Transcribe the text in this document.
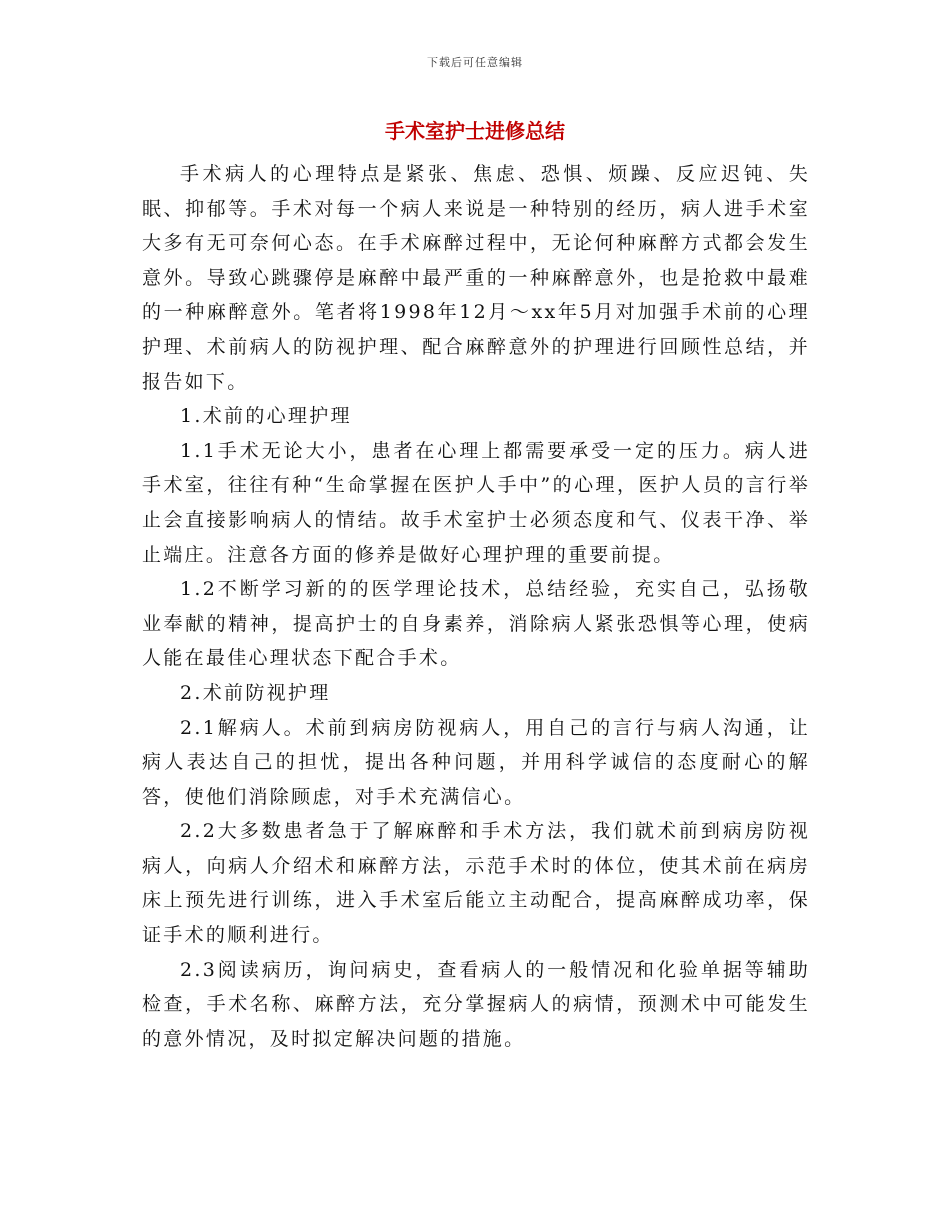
下载后可任意编辑
手术室护士进修总结

手术病人的心理特点是紧张、焦虑、恐惧、烦躁、反应迟钝、失眠、抑郁等。手术对每一个病人来说是一种特别的经历，病人进手术室大多有无可奈何心态。在手术麻醉过程中，无论何种麻醉方式都会发生意外。导致心跳骤停是麻醉中最严重的一种麻醉意外，也是抢救中最难的一种麻醉意外。笔者将1998年12月～xx年5月对加强手术前的心理护理、术前病人的防视护理、配合麻醉意外的护理进行回顾性总结，并报告如下。

1.术前的心理护理

1.1手术无论大小，患者在心理上都需要承受一定的压力。病人进手术室，往往有种“生命掌握在医护人手中”的心理，医护人员的言行举止会直接影响病人的情结。故手术室护士必须态度和气、仪表干净、举止端庄。注意各方面的修养是做好心理护理的重要前提。

1.2不断学习新的的医学理论技术，总结经验，充实自己，弘扬敬业奉献的精神，提高护士的自身素养，消除病人紧张恐惧等心理，使病人能在最佳心理状态下配合手术。

2.术前防视护理

2.1解病人。术前到病房防视病人，用自己的言行与病人沟通，让病人表达自己的担忧，提出各种问题，并用科学诚信的态度耐心的解答，使他们消除顾虑，对手术充满信心。

2.2大多数患者急于了解麻醉和手术方法，我们就术前到病房防视病人，向病人介绍术和麻醉方法，示范手术时的体位，使其术前在病房床上预先进行训练，进入手术室后能立主动配合，提高麻醉成功率，保证手术的顺利进行。

2.3阅读病历，询问病史，查看病人的一般情况和化验单据等辅助检查，手术名称、麻醉方法，充分掌握病人的病情，预测术中可能发生的意外情况，及时拟定解决问题的措施。
